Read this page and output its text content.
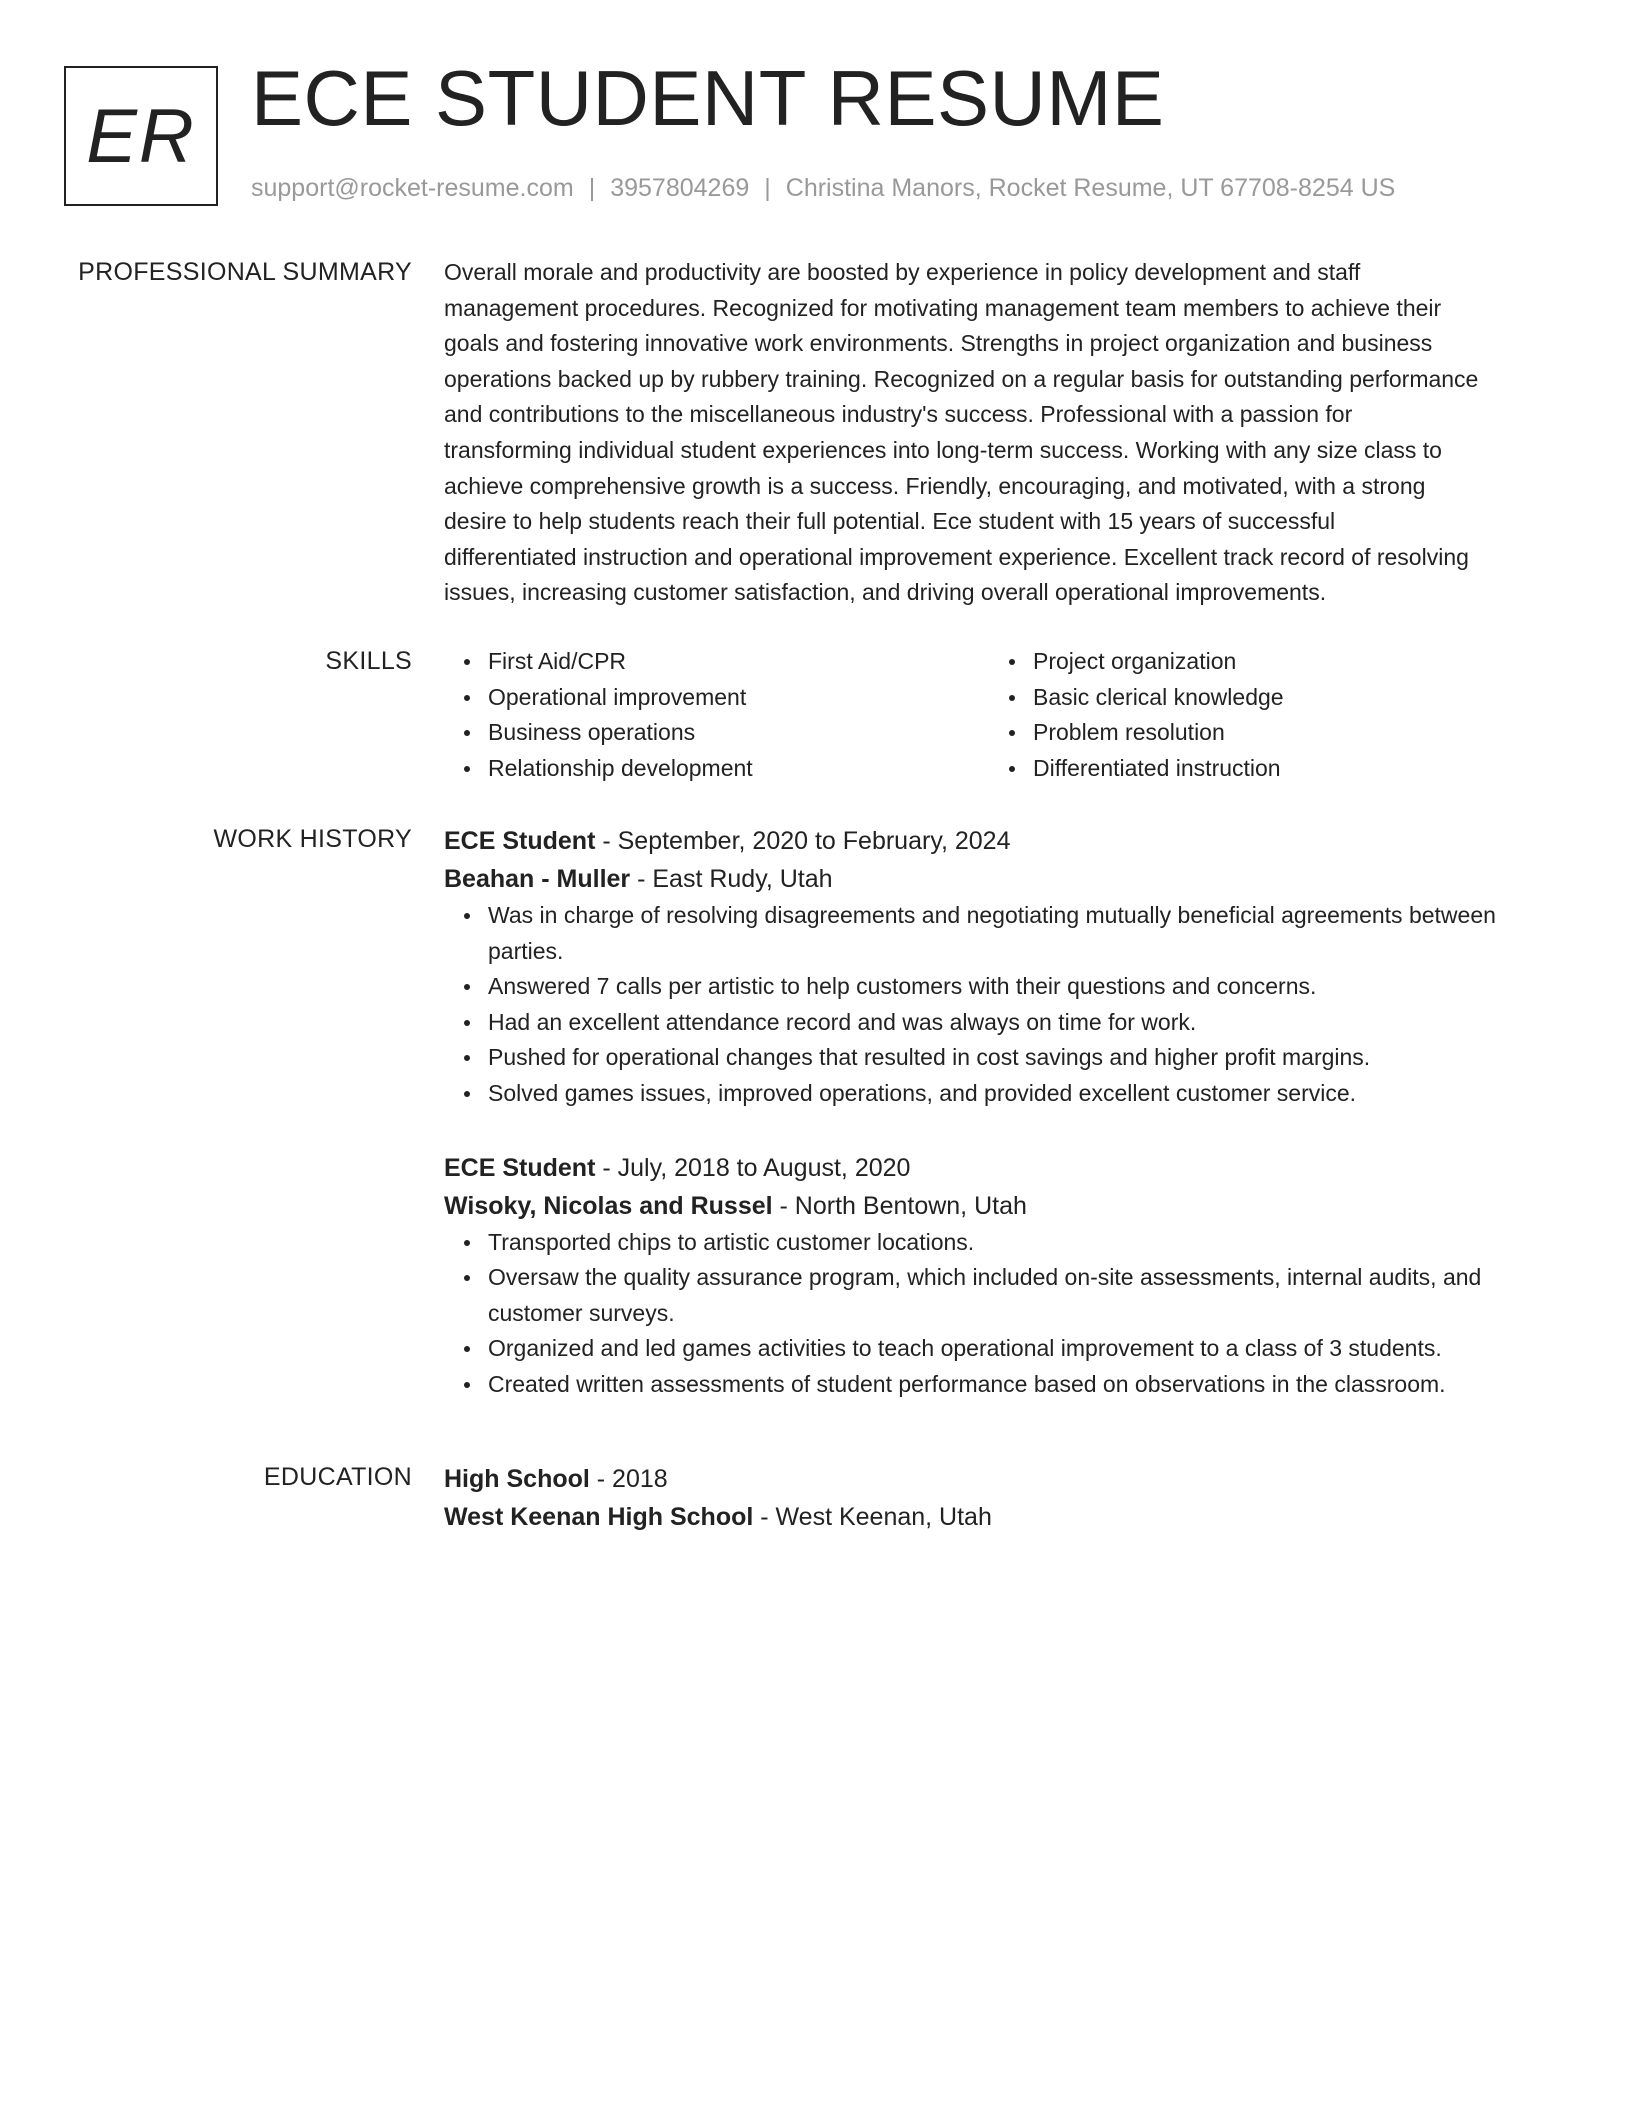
ER ECE STUDENT RESUME
support@rocket-resume.com | 3957804269 | Christina Manors, Rocket Resume, UT 67708-8254 US
PROFESSIONAL SUMMARY Overall morale and productivity are boosted by experience in policy development and staff
management procedures. Recognized for motivating management team members to achieve their
goals and fostering innovative work environments. Strengths in project organization and business
operations backed up by rubbery training. Recognized on a regular basis for outstanding performance
and contributions to the miscellaneous industry's success. Professional with a passion for
transforming individual student experiences into long-term success. Working with any size class to
achieve comprehensive growth is a success. Friendly, encouraging, and motivated, with a strong
desire to help students reach their full potential. Ece student with 15 years of successful
differentiated instruction and operational improvement experience. Excellent track record of resolving
issues, increasing customer satisfaction, and driving overall operational improvements.
SKILLS	First Aid/CPR
Operational improvement
Business operations
Relationship development
Project organization
Basic clerical knowledge
Problem resolution
Differentiated instruction
WORK HISTORY ECE Student - September, 2020 to February, 2024
Beahan - Muller - East Rudy, Utah
Was in charge of resolving disagreements and negotiating mutually beneficial agreements between parties.
Answered 7 calls per artistic to help customers with their questions and concerns.
Had an excellent attendance record and was always on time for work.
Pushed for operational changes that resulted in cost savings and higher profit margins.
Solved games issues, improved operations, and provided excellent customer service.
ECE Student - July, 2018 to August, 2020
Wisoky, Nicolas and Russel - North Bentown, Utah
Transported chips to artistic customer locations.
Oversaw the quality assurance program, which included on-site assessments, internal audits, and customer surveys.
Organized and led games activities to teach operational improvement to a class of 3 students.
Created written assessments of student performance based on observations in the classroom.
EDUCATION High School - 2018
West Keenan High School - West Keenan, Utah
